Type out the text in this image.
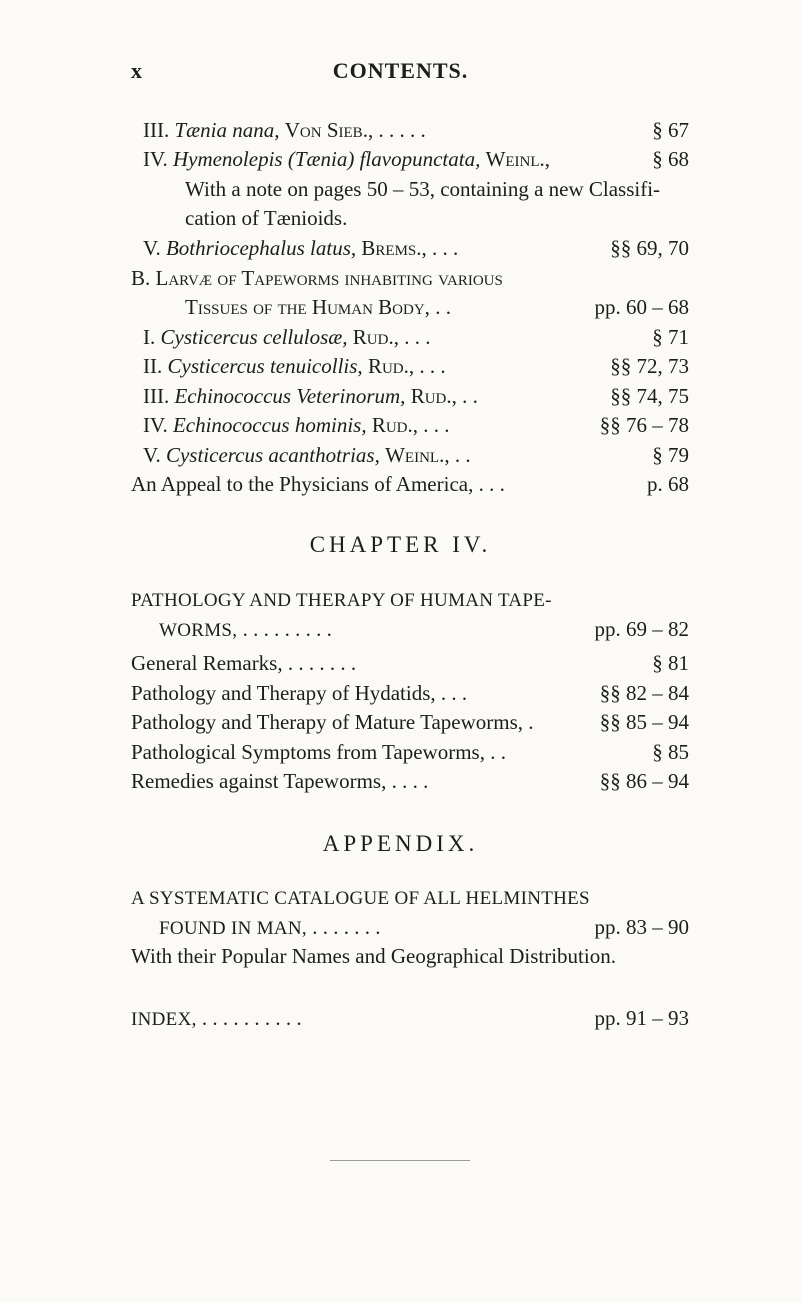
x	CONTENTS.
III. Tænia nana, Von Sieb., . . . . .	§ 67
IV. Hymenolepis (Tænia) flavopunctata, Weinl.,	§ 68
With a note on pages 50 – 53, containing a new Classifi-
cation of Tænioids.
V. Bothriocephalus latus, Brems., . . .	§§ 69, 70
B. Larvæ of Tapeworms inhabiting various
Tissues of the Human Body, . .	pp. 60 – 68
I. Cysticercus cellulosæ, Rud., . . .	§ 71
II. Cysticercus tenuicollis, Rud., . . .	§§ 72, 73
III. Echinococcus Veterinorum, Rud., . .	§§ 74, 75
IV. Echinococcus hominis, Rud., . . .	§§ 76 – 78
V. Cysticercus acanthotrias, Weinl., . .	§ 79
An Appeal to the Physicians of America, . . .	p. 68
CHAPTER IV.
PATHOLOGY AND THERAPY OF HUMAN TAPE-
WORMS, . . . . . . . . .	pp. 69 – 82
General Remarks, . . . . . . .	§ 81
Pathology and Therapy of Hydatids, . . .	§§ 82 – 84
Pathology and Therapy of Mature Tapeworms, .	§§ 85 – 94
Pathological Symptoms from Tapeworms, . .	§ 85
Remedies against Tapeworms, . . . .	§§ 86 – 94
APPENDIX.
A SYSTEMATIC CATALOGUE OF ALL HELMINTHES
FOUND IN MAN, . . . . . . .	pp. 83 – 90
With their Popular Names and Geographical Distribution.
INDEX, . . . . . . . . . .	pp. 91 – 93
